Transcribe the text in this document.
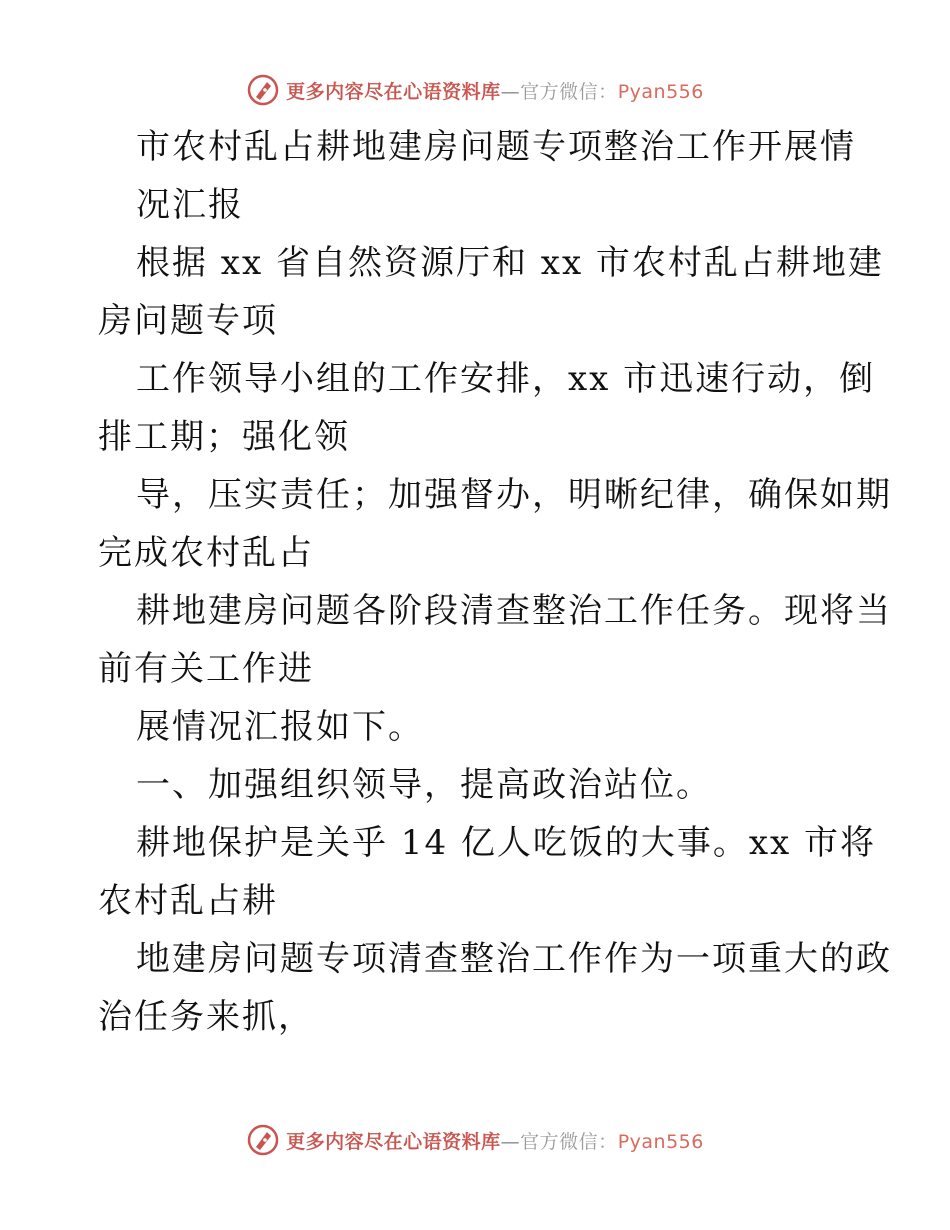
更多内容尽在心语资料库—官方微信：Pyan556
市农村乱占耕地建房问题专项整治工作开展情
况汇报
根据 xx 省自然资源厅和 xx 市农村乱占耕地建
房问题专项
工作领导小组的工作安排，xx 市迅速行动，倒
排工期；强化领
导，压实责任；加强督办，明晰纪律，确保如期
完成农村乱占
耕地建房问题各阶段清查整治工作任务。现将当
前有关工作进
展情况汇报如下。
一、加强组织领导，提高政治站位。
耕地保护是关乎 14 亿人吃饭的大事。xx 市将
农村乱占耕
地建房问题专项清查整治工作作为一项重大的政
治任务来抓，
更多内容尽在心语资料库—官方微信：Pyan556
